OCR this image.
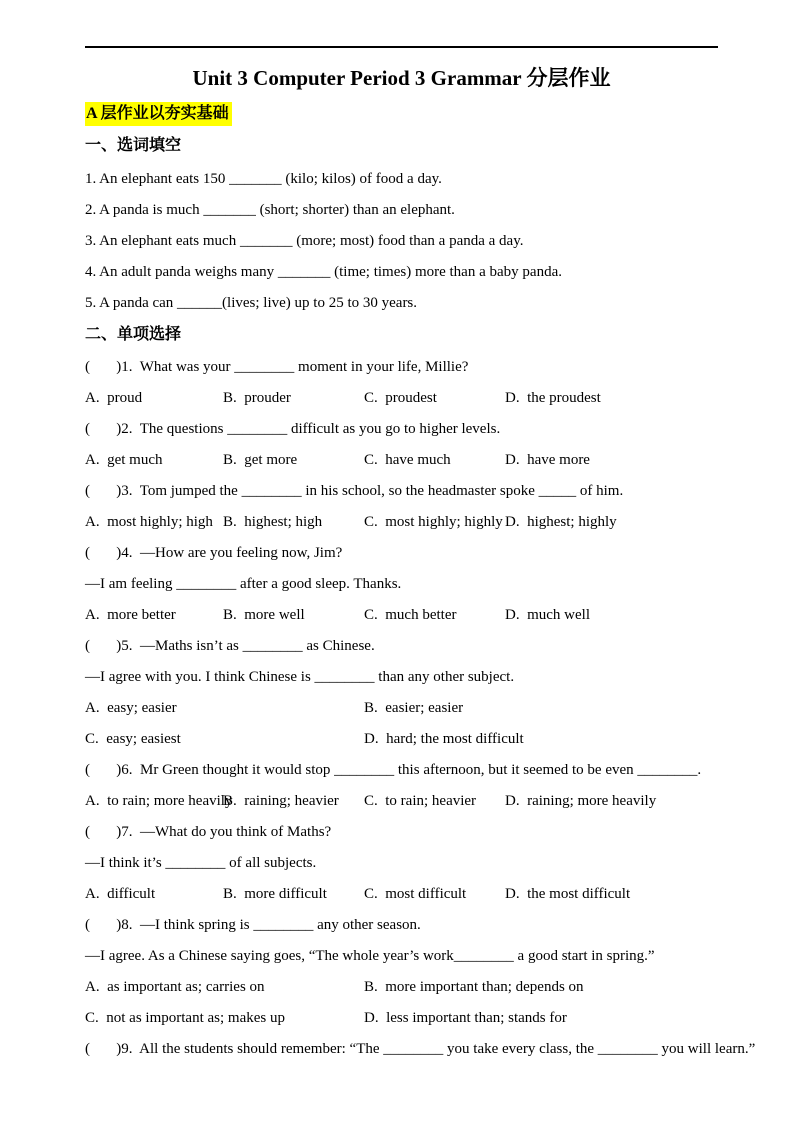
Unit 3 Computer Period 3 Grammar 分层作业
A 层作业以夯实基础
一、选词填空
1. An elephant eats 150 _______ (kilo; kilos) of food a day.
2. A panda is much _______ (short; shorter) than an elephant.
3. An elephant eats much _______ (more; most) food than a panda a day.
4. An adult panda weighs many _______ (time; times) more than a baby panda.
5. A panda can ______(lives; live) up to 25 to 30 years.
二、单项选择
(       )1.  What was your ________ moment in your life, Millie?
A.  proud	B.  prouder	C.  proudest	D.  the proudest
(       )2.  The questions ________ difficult as you go to higher levels.
A.  get much	B.  get more	C.  have much	D.  have more
(       )3.  Tom jumped the ________ in his school, so the headmaster spoke _____ of him.
A.  most highly; high B.  highest; high	C.  most highly; highly D.  highest; highly
(       )4.  —How are you feeling now, Jim?
—I am feeling ________ after a good sleep. Thanks.
A.  more better	B.  more well	C.  much better	D.  much well
(       )5.  —Maths isn’t as ________ as Chinese.
—I agree with you. I think Chinese is ________ than any other subject.
A.  easy; easier	B.  easier; easier
C.  easy; easiest	D.  hard; the most difficult
(       )6.  Mr Green thought it would stop ________ this afternoon, but it seemed to be even ________.
A.  to rain; more heavily
B.  raining; heavier	C.  to rain; heavier	D.  raining; more heavily
(       )7.  —What do you think of Maths?
—I think it’s ________ of all subjects.
A.  difficult	B.  more difficult	C.  most difficult	D.  the most difficult
(       )8.  —I think spring is ________ any other season.
—I agree. As a Chinese saying goes, “The whole year’s work________ a good start in spring.”
A.  as important as; carries on	B.  more important than; depends on
C.  not as important as; makes up	D.  less important than; stands for
(       )9.  All the students should remember: “The ________ you take every class, the ________ you will learn.”
